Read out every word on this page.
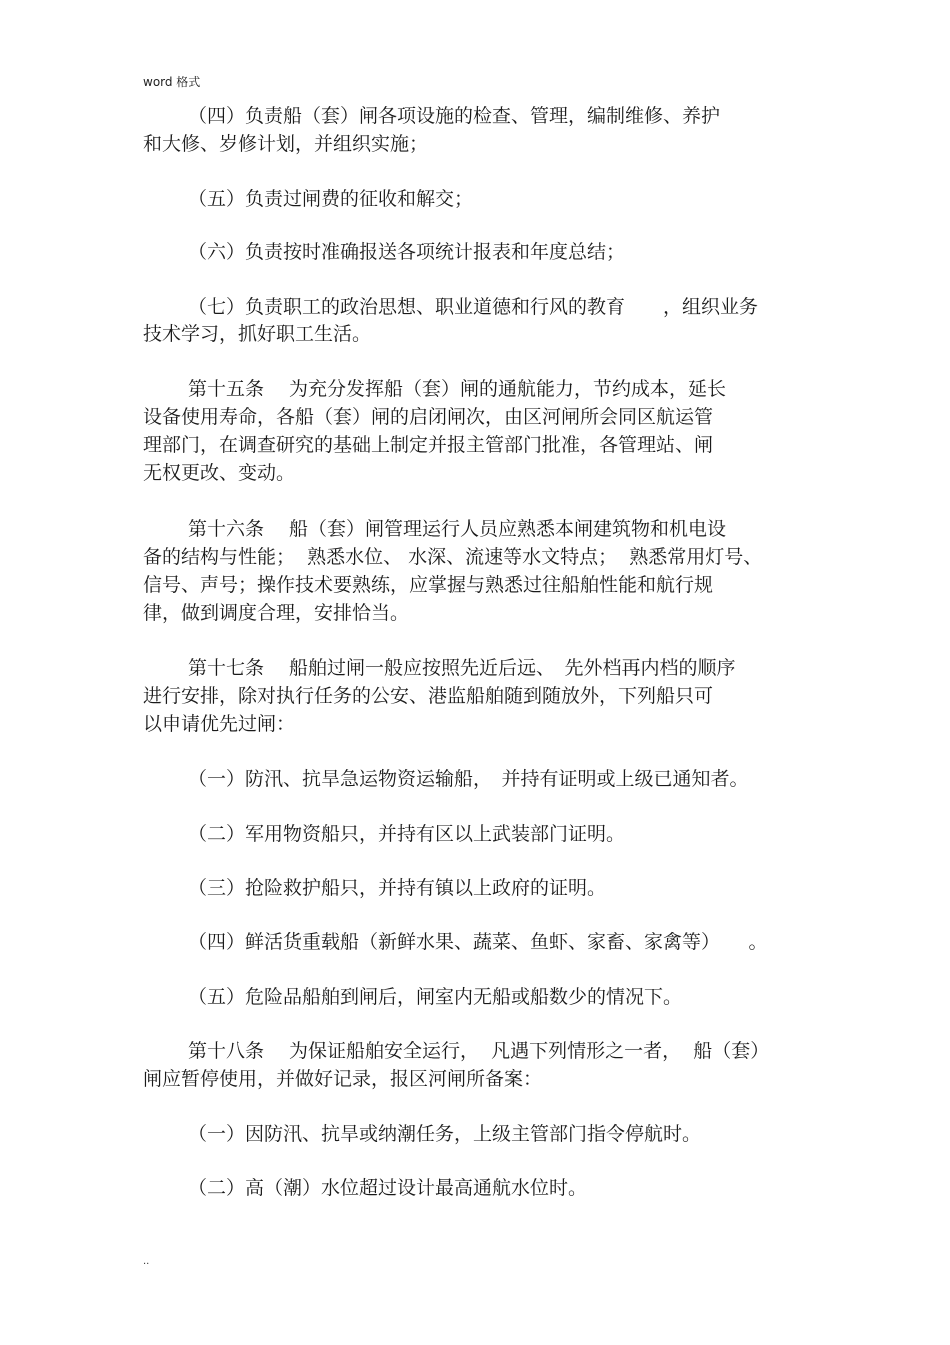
word 格式
（四）负责船（套）闸各项设施的检查、管理，编制维修、养护
和大修、岁修计划，并组织实施；
（五）负责过闸费的征收和解交；
（六）负责按时准确报送各项统计报表和年度总结；
（七）负责职工的政治思想、职业道德和行风的教育　　，组织业务
技术学习，抓好职工生活。
第十五条　 为充分发挥船（套）闸的通航能力，节约成本，延长
设备使用寿命，各船（套）闸的启闭闸次，由区河闸所会同区航运管
理部门，在调查研究的基础上制定并报主管部门批准，各管理站、闸
无权更改、变动。
第十六条　 船（套）闸管理运行人员应熟悉本闸建筑物和机电设
备的结构与性能；  熟悉水位、 水深、流速等水文特点；  熟悉常用灯号、
信号、声号；操作技术要熟练，应掌握与熟悉过往船舶性能和航行规
律，做到调度合理，安排恰当。
第十七条　 船舶过闸一般应按照先近后远、　先外档再内档的顺序
进行安排，除对执行任务的公安、港监船舶随到随放外，下列船只可
以申请优先过闸：
（一）防汛、抗旱急运物资运输船，　并持有证明或上级已通知者。
（二）军用物资船只，并持有区以上武装部门证明。
（三）抢险救护船只，并持有镇以上政府的证明。
（四）鲜活货重载船（新鲜水果、蔬菜、鱼虾、家畜、家禽等）　　。
（五）危险品船舶到闸后，闸室内无船或船数少的情况下。
第十八条　 为保证船舶安全运行，  凡遇下列情形之一者，  船（套）
闸应暂停使用，并做好记录，报区河闸所备案：
（一）因防汛、抗旱或纳潮任务，上级主管部门指令停航时。
（二）高（潮）水位超过设计最高通航水位时。
..
